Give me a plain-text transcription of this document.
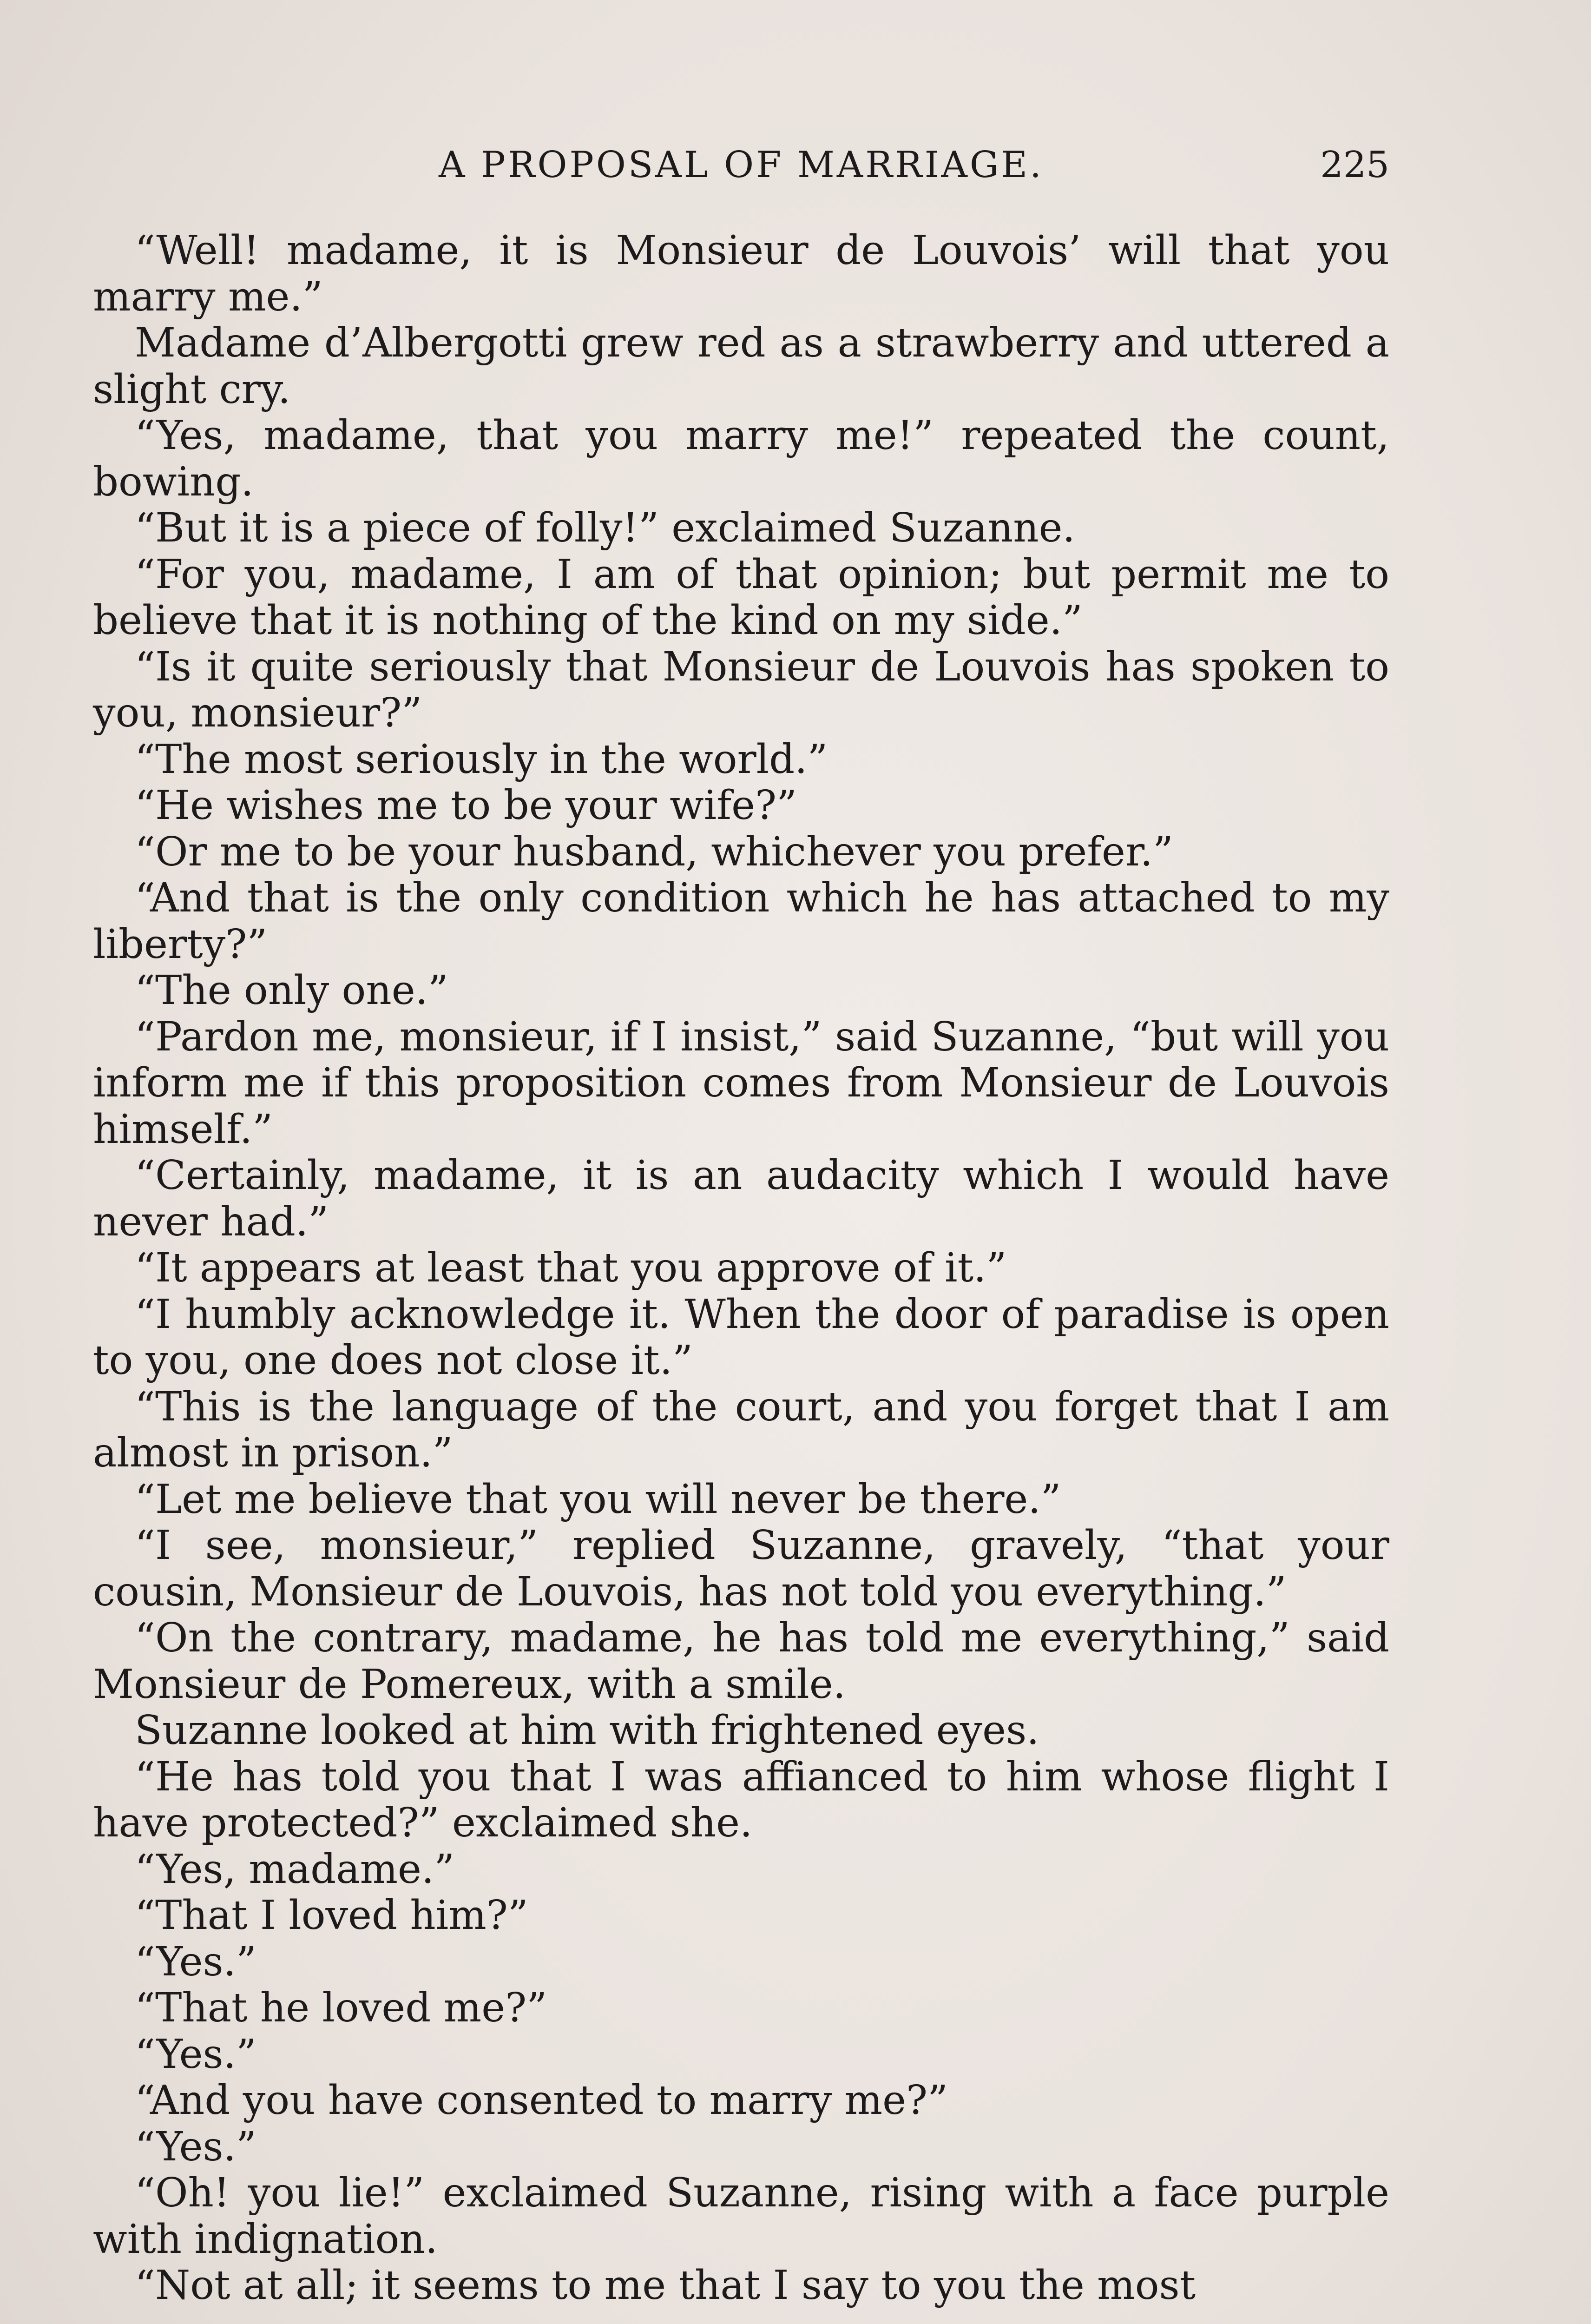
A PROPOSAL OF MARRIAGE.	225

“Well! madame, it is Monsieur de Louvois’ will that you marry me.”

Madame d’Albergotti grew red as a strawberry and uttered a slight cry.

“Yes, madame, that you marry me!” repeated the count, bowing.

“But it is a piece of folly!” exclaimed Suzanne.

“For you, madame, I am of that opinion; but permit me to believe that it is nothing of the kind on my side.”

“Is it quite seriously that Monsieur de Louvois has spoken to you, monsieur?”

“The most seriously in the world.”

“He wishes me to be your wife?”

“Or me to be your husband, whichever you prefer.”

“And that is the only condition which he has attached to my liberty?”

“The only one.”

“Pardon me, monsieur, if I insist,” said Suzanne, “but will you inform me if this proposition comes from Monsieur de Louvois himself.”

“Certainly, madame, it is an audacity which I would have never had.”

“It appears at least that you approve of it.”

“I humbly acknowledge it. When the door of paradise is open to you, one does not close it.”

“This is the language of the court, and you forget that I am almost in prison.”

“Let me believe that you will never be there.”

“I see, monsieur,” replied Suzanne, gravely, “that your cousin, Monsieur de Louvois, has not told you everything.”

“On the contrary, madame, he has told me everything,” said Monsieur de Pomereux, with a smile.

Suzanne looked at him with frightened eyes.

“He has told you that I was affianced to him whose flight I have protected?” exclaimed she.

“Yes, madame.”

“That I loved him?”

“Yes.”

“That he loved me?”

“Yes.”

“And you have consented to marry me?”

“Yes.”

“Oh! you lie!” exclaimed Suzanne, rising with a face purple with indignation.

“Not at all; it seems to me that I say to you the most
